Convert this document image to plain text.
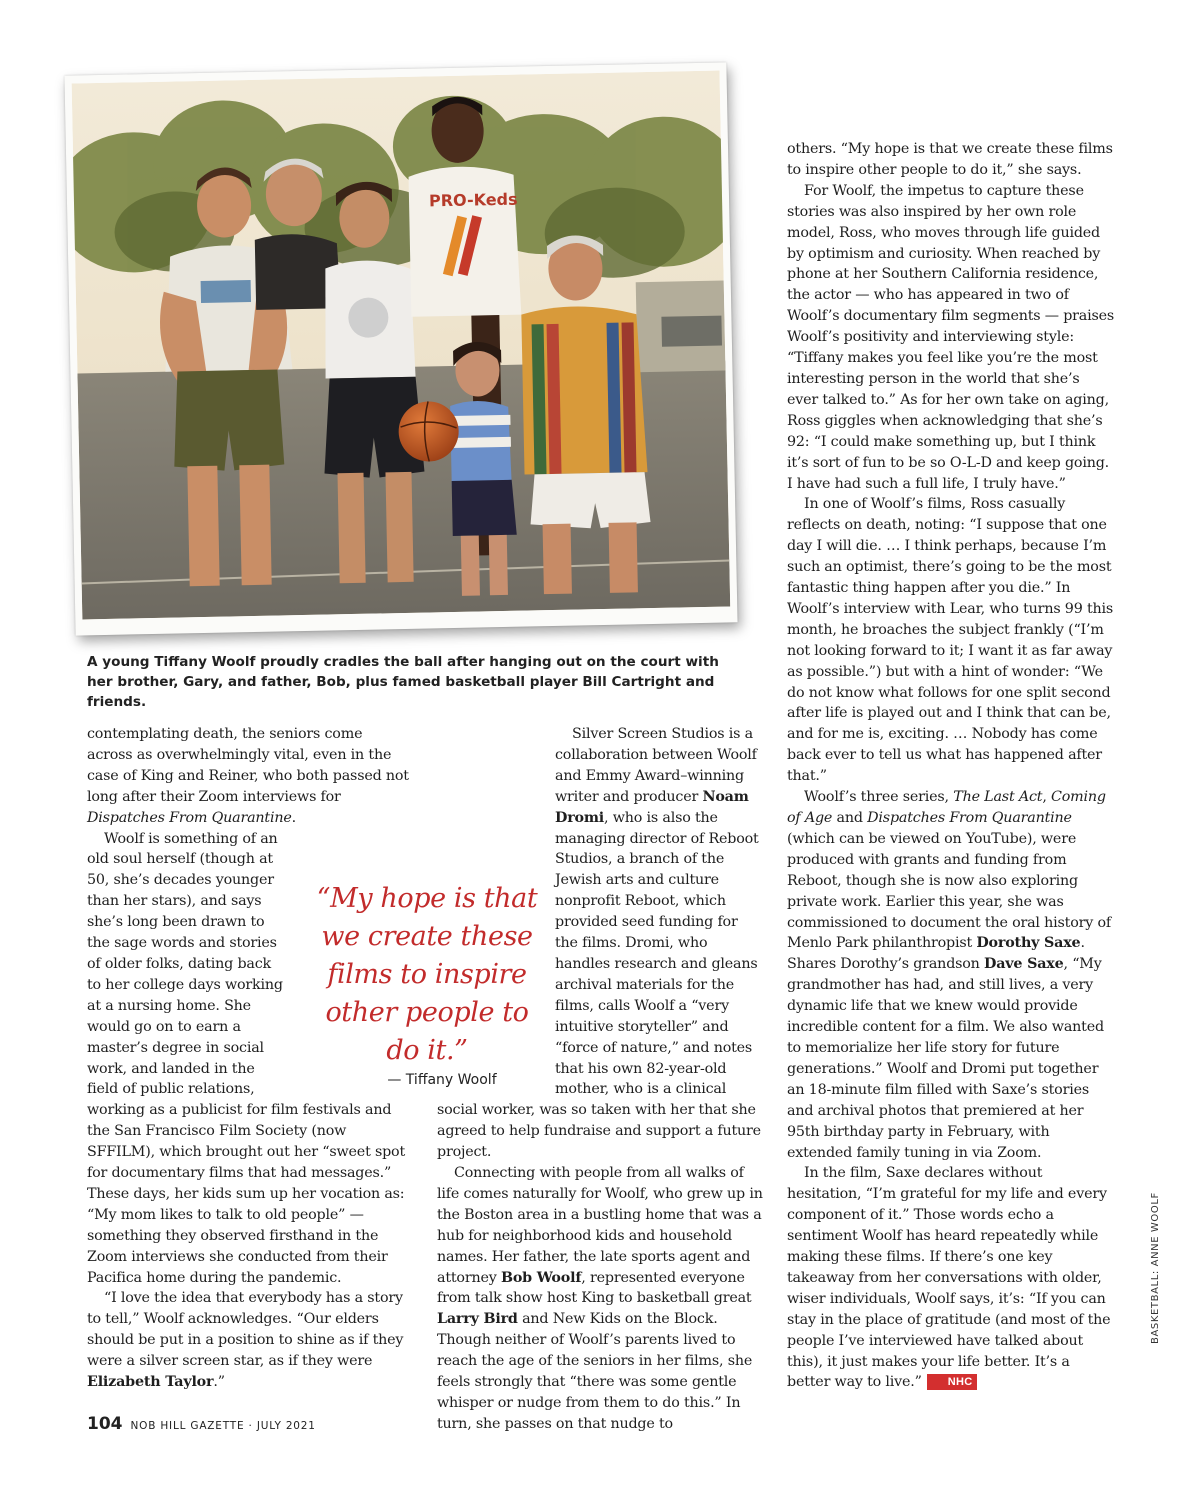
PRO-Keds
A young Tiffany Woolf proudly cradles the ball after hanging out on the court with her brother, Gary, and father, Bob, plus famed basketball player Bill Cartright and friends.

contemplating death, the seniors come across as overwhelmingly vital, even in the case of King and Reiner, who both passed not long after their Zoom interviews for Dispatches From Quarantine.

Woolf is something of an old soul herself (though at 50, she’s decades younger than her stars), and says she’s long been drawn to the sage words and stories of older folks, dating back to her college days working at a nursing home. She would go on to earn a master’s degree in social work, and landed in the field of public relations, working as a publicist for film festivals and the San Francisco Film Society (now SFFILM), which brought out her “sweet spot for documentary films that had messages.” These days, her kids sum up her vocation as: “My mom likes to talk to old people” — something they observed firsthand in the Zoom interviews she conducted from their Pacifica home during the pandemic.

“I love the idea that everybody has a story to tell,” Woolf acknowledges. “Our elders should be put in a position to shine as if they were a silver screen star, as if they were Elizabeth Taylor.”

Silver Screen Studios is a collaboration between Woolf and Emmy Award–winning writer and producer Noam Dromi, who is also the managing director of Reboot Studios, a branch of the Jewish arts and culture nonprofit Reboot, which provided seed funding for the films. Dromi, who handles research and gleans archival materials for the films, calls Woolf a “very intuitive storyteller” and “force of nature,” and notes that his own 82-year-old mother, who is a clinical social worker, was so taken with her that she agreed to help fundraise and support a future project.

Connecting with people from all walks of life comes naturally for Woolf, who grew up in the Boston area in a bustling home that was a hub for neighborhood kids and household names. Her father, the late sports agent and attorney Bob Woolf, represented everyone from talk show host King to basketball great Larry Bird and New Kids on the Block. Though neither of Woolf’s parents lived to reach the age of the seniors in her films, she feels strongly that “there was some gentle whisper or nudge from them to do this.” In turn, she passes on that nudge to

“My hope is that we create these films to inspire other people to do it.”
— Tiffany Woolf

others. “My hope is that we create these films to inspire other people to do it,” she says.

For Woolf, the impetus to capture these stories was also inspired by her own role model, Ross, who moves through life guided by optimism and curiosity. When reached by phone at her Southern California residence, the actor — who has appeared in two of Woolf’s documentary film segments — praises Woolf’s positivity and interviewing style: “Tiffany makes you feel like you’re the most interesting person in the world that she’s ever talked to.” As for her own take on aging, Ross giggles when acknowledging that she’s 92: “I could make something up, but I think it’s sort of fun to be so O-L-D and keep going. I have had such a full life, I truly have.”

In one of Woolf’s films, Ross casually reflects on death, noting: “I suppose that one day I will die. … I think perhaps, because I’m such an optimist, there’s going to be the most fantastic thing happen after you die.” In Woolf’s interview with Lear, who turns 99 this month, he broaches the subject frankly (“I’m not looking forward to it; I want it as far away as possible.”) but with a hint of wonder: “We do not know what follows for one split second after life is played out and I think that can be, and for me is, exciting. … Nobody has come back ever to tell us what has happened after that.”

Woolf’s three series, The Last Act, Coming of Age and Dispatches From Quarantine (which can be viewed on YouTube), were produced with grants and funding from Reboot, though she is now also exploring private work. Earlier this year, she was commissioned to document the oral history of Menlo Park philanthropist Dorothy Saxe. Shares Dorothy’s grandson Dave Saxe, “My grandmother has had, and still lives, a very dynamic life that we knew would provide incredible content for a film. We also wanted to memorialize her life story for future generations.” Woolf and Dromi put together an 18-minute film filled with Saxe’s stories and archival photos that premiered at her 95th birthday party in February, with extended family tuning in via Zoom.

In the film, Saxe declares without hesitation, “I’m grateful for my life and every component of it.” Those words echo a sentiment Woolf has heard repeatedly while making these films. If there’s one key takeaway from her conversations with older, wiser individuals, Woolf says, it’s: “If you can stay in the place of gratitude (and most of the people I’ve interviewed have talked about this), it just makes your life better. It’s a better way to live.” NHC

104 NOB HILL GAZETTE · JULY 2021
BASKETBALL: ANNE WOOLF
